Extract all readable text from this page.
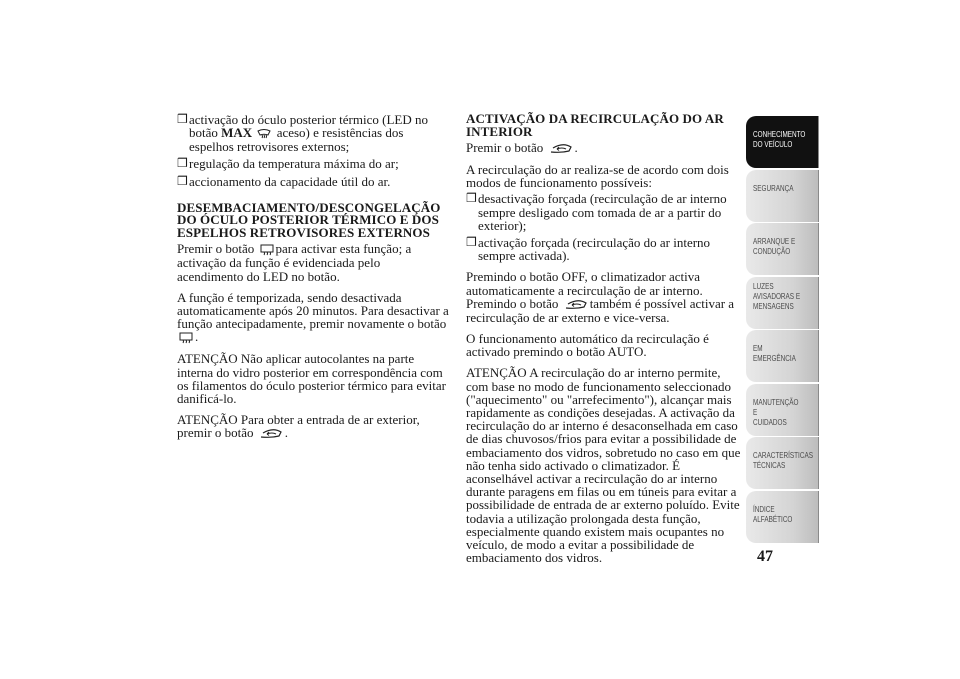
❒ activação do óculo posterior térmico (LED no botão MAX  aceso) e resistências dos espelhos retrovisores externos;
❒ regulação da temperatura máxima do ar;
❒ accionamento da capacidade útil do ar.
DESEMBACIAMENTO/DESCONGELAÇÃO DO ÓCULO POSTERIOR TÉRMICO E DOS ESPELHOS RETROVISORES EXTERNOS

Premir o botão para activar esta função; a activação da função é evidenciada pelo acendimento do LED no botão.

A função é temporizada, sendo desactivada automaticamente após 20 minutos. Para desactivar a função antecipadamente, premir novamente o botão .

ATENÇÃO Não aplicar autocolantes na parte interna do vidro posterior em correspondência com os filamentos do óculo posterior térmico para evitar danificá-lo.

ATENÇÃO Para obter a entrada de ar exterior, premir o botão .

ACTIVAÇÃO DA RECIRCULAÇÃO DO AR INTERIOR

Premir o botão .

A recirculação do ar realiza-se de acordo com dois modos de funcionamento possíveis:

❒ desactivação forçada (recirculação de ar interno sempre desligado com tomada de ar a partir do exterior);
❒ activação forçada (recirculação do ar interno sempre activada).

Premindo o botão OFF, o climatizador activa automaticamente a recirculação de ar interno. Premindo o botão também é possível activar a recirculação de ar externo e vice-versa.

O funcionamento automático da recirculação é activado premindo o botão AUTO.

ATENÇÃO A recirculação do ar interno permite, com base no modo de funcionamento seleccionado ("aquecimento" ou "arrefecimento"), alcançar mais rapidamente as condições desejadas. A activação da recirculação do ar interno é desaconselhada em caso de dias chuvosos/frios para evitar a possibilidade de embaciamento dos vidros, sobretudo no caso em que não tenha sido activado o climatizador. É aconselhável activar a recirculação do ar interno durante paragens em filas ou em túneis para evitar a possibilidade de entrada de ar externo poluído. Evite todavia a utilização prolongada desta função, especialmente quando existem mais ocupantes no veículo, de modo a evitar a possibilidade de embaciamento dos vidros.

CONHECIMENTO
DO VEÍCULO
SEGURANÇA
ARRANQUE E
CONDUÇÃO
LUZES
AVISADORAS E
MENSAGENS
EM EMERGÊNCIA
MANUTENÇÃO E
CUIDADOS
CARACTERÍSTICAS
TÉCNICAS
ÍNDICE
ALFABÉTICO
47
